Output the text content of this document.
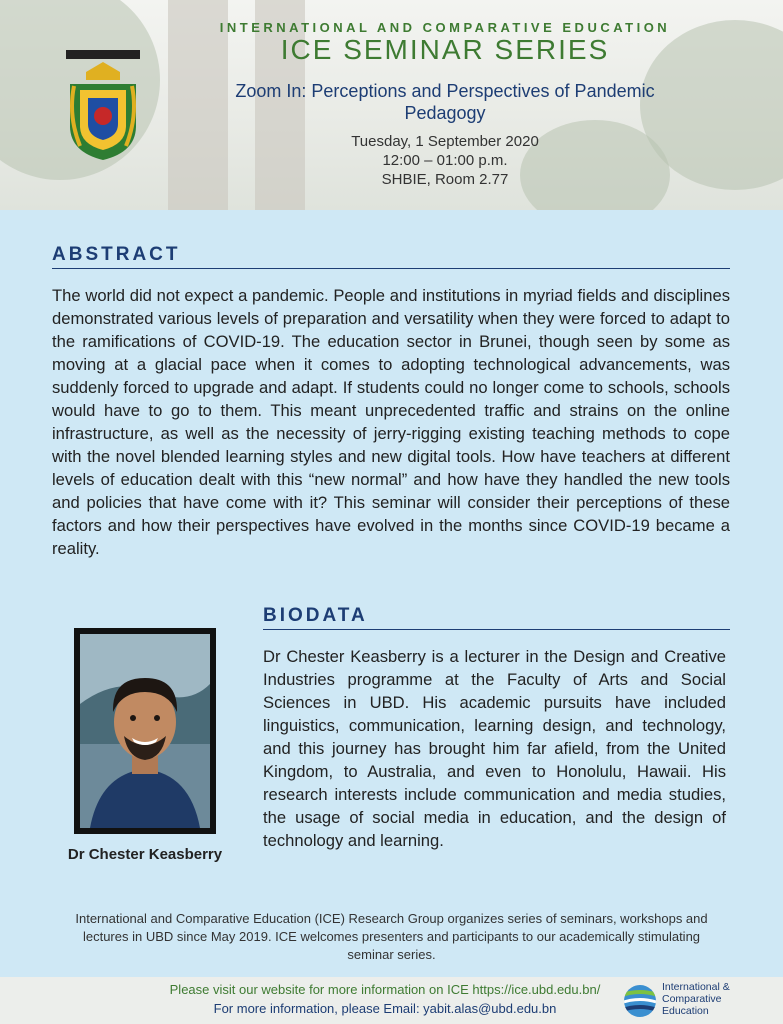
INTERNATIONAL AND COMPARATIVE EDUCATION
ICE SEMINAR SERIES
Zoom In: Perceptions and Perspectives of Pandemic
Pedagogy
Tuesday, 1 September 2020
12:00 – 01:00 p.m.
SHBIE, Room 2.77
ABSTRACT
The world did not expect a pandemic. People and institutions in myriad fields and disciplines demonstrated various levels of preparation and versatility when they were forced to adapt to the ramifications of COVID-19. The education sector in Brunei, though seen by some as moving at a glacial pace when it comes to adopting technological advancements, was suddenly forced to upgrade and adapt. If students could no longer come to schools, schools would have to go to them. This meant unprecedented traffic and strains on the online infrastructure, as well as the necessity of jerry-rigging existing teaching methods to cope with the novel blended learning styles and new digital tools. How have teachers at different levels of education dealt with this “new normal” and how have they handled the new tools and policies that have come with it? This seminar will consider their perceptions of these factors and how their perspectives have evolved in the months since COVID-19 became a reality.
BIODATA
Dr Chester Keasberry
Dr Chester Keasberry is a lecturer in the Design and Creative Industries programme at the Faculty of Arts and Social Sciences in UBD. His academic pursuits have included linguistics, communication, learning design, and technology, and this journey has brought him far afield, from the United Kingdom, to Australia, and even to Honolulu, Hawaii. His research interests include communication and media studies, the usage of social media in education, and the design of technology and learning.
International and Comparative Education (ICE) Research Group organizes series of seminars, workshops and lectures in UBD since May 2019. ICE welcomes presenters and participants to our academically stimulating seminar series.
Please visit our website for more information on ICE https://ice.ubd.edu.bn/
For more information, please Email: yabit.alas@ubd.edu.bn
International &
Comparative
Education
